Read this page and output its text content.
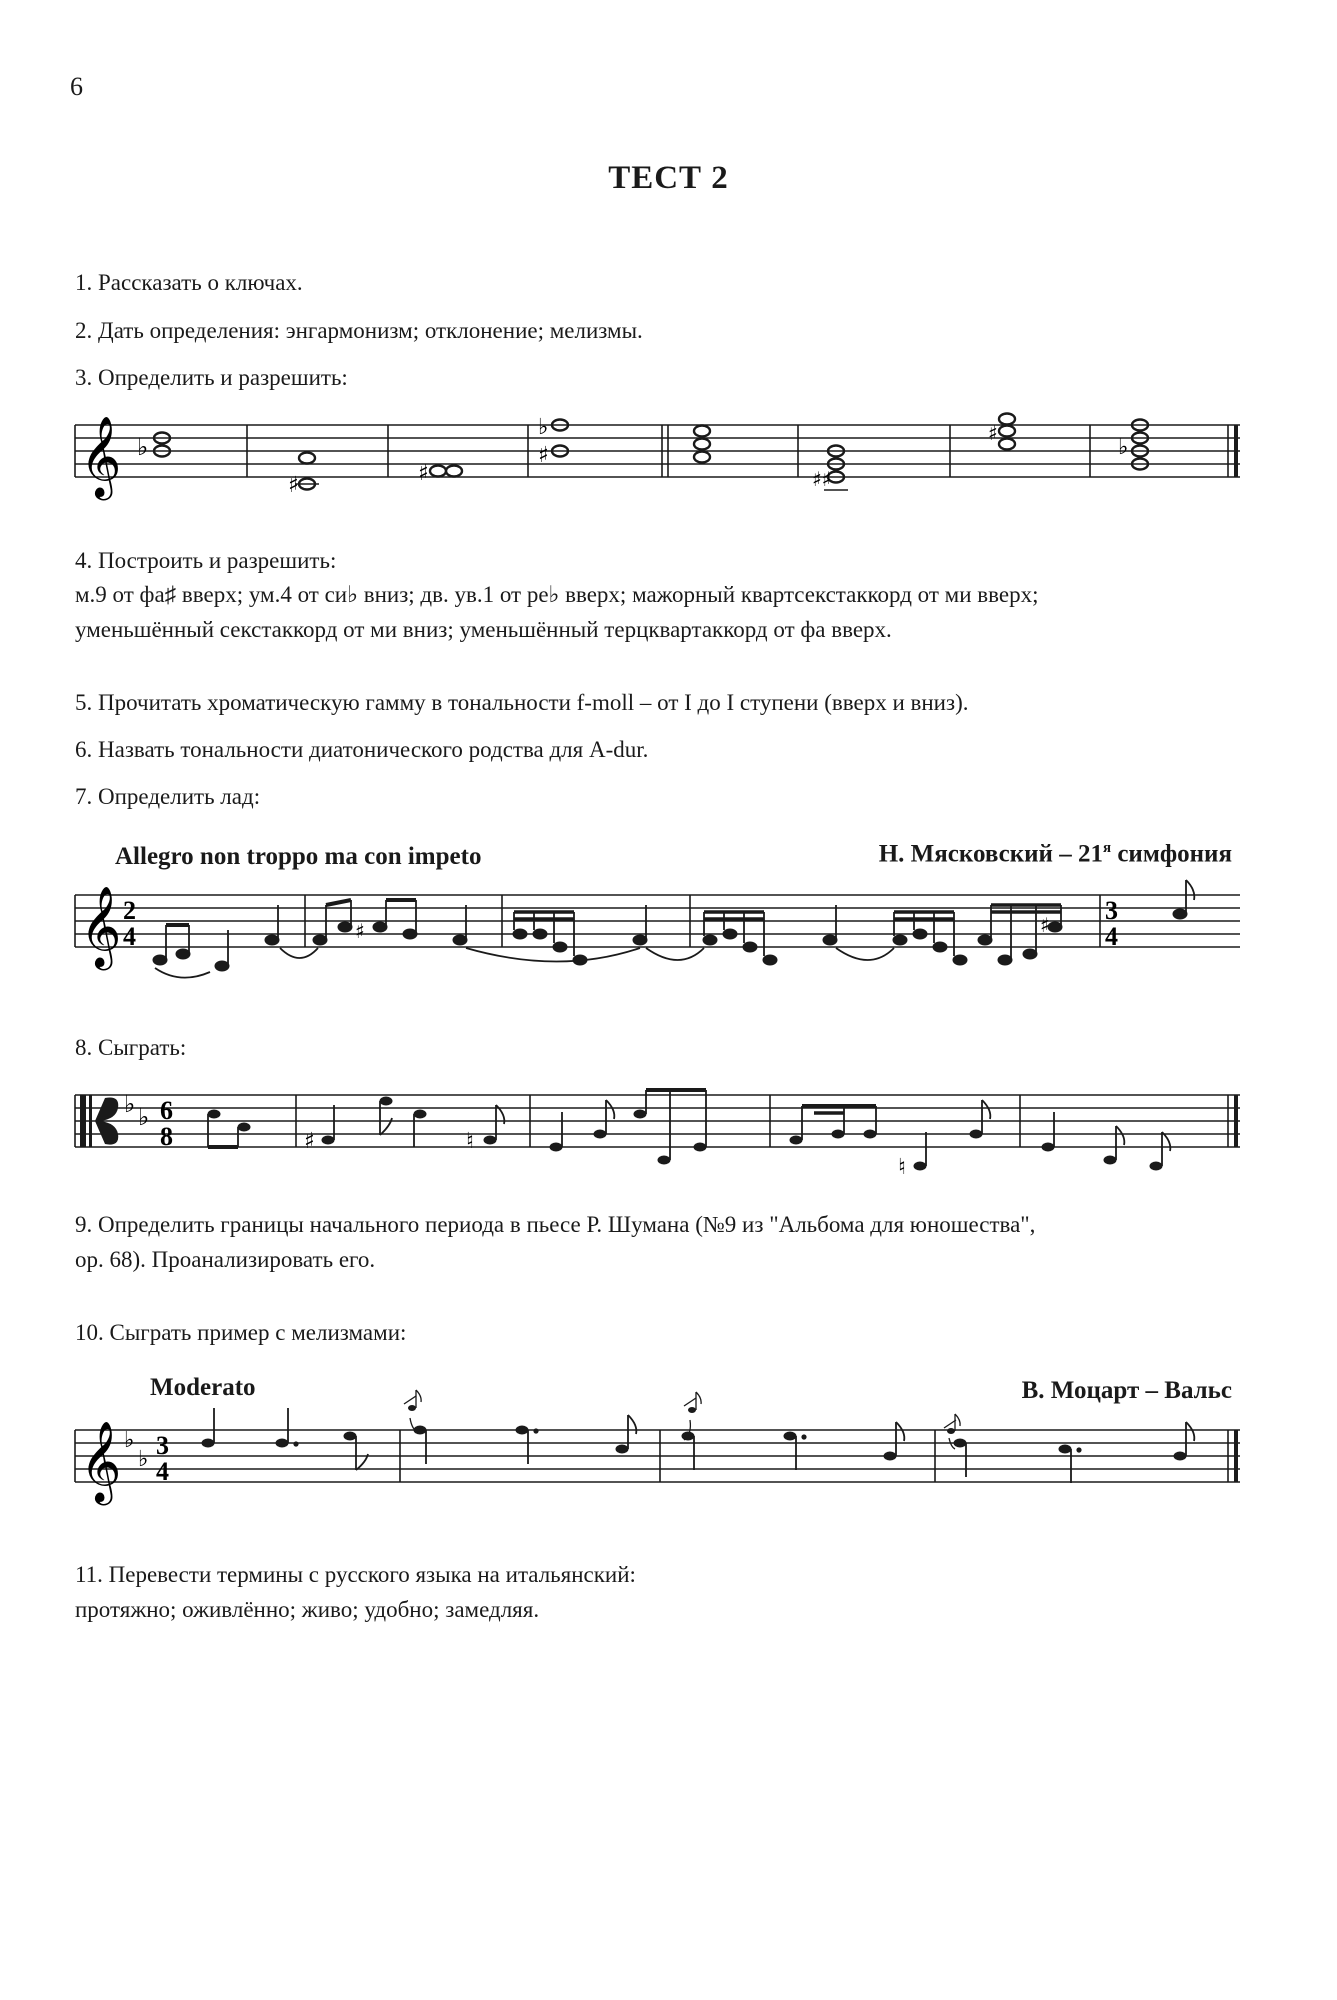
6
ТЕСТ 2
1. Рассказать о ключах.
2. Дать определения: энгармонизм; отклонение; мелизмы.
3. Определить и разрешить:
𝄞 ♭
♯	♯
♭
♯
♯♯
♯
♭
4. Построить и разрешить:
м.9 от фа♯ вверх; ум.4 от си♭ вниз; дв. ув.1 от ре♭ вверх; мажорный квартсекстаккорд от ми вверх;
уменьшённый секстаккорд от ми вниз; уменьшённый терцквартаккорд от фа вверх.
5. Прочитать хроматическую гамму в тональности f-moll – от I до I ступени (вверх и вниз).
6. Назвать тональности диатонического родства для A-dur.
7. Определить лад:
Allegro non troppo ma con impeto	Н. Мясковский – $21^я$ симфония
𝄞 2
4
3
4
♯	♯
8. Сыграть:
♭ ♭ 6
8	♯	♮
♮
9. Определить границы начального периода в пьесе Р. Шумана (№9 из "Альбома для юношества",
ор. 68). Проанализировать его.
10. Сыграть пример с мелизмами:
Moderato	В. Моцарт – Вальс
𝄞 ♭
♭ 3
4
11. Перевести термины с русского языка на итальянский:
протяжно; оживлённо; живо; удобно; замедляя.
